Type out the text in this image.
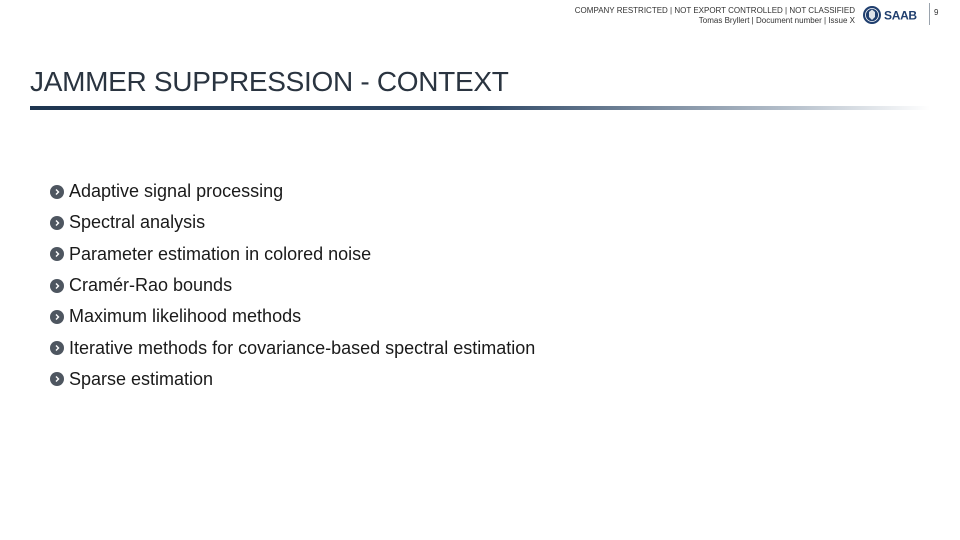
COMPANY RESTRICTED | NOT EXPORT CONTROLLED | NOT CLASSIFIED
Tomas Bryllert | Document number | Issue X SAAB 9
JAMMER SUPPRESSION - CONTEXT
Adaptive signal processing
Spectral analysis
Parameter estimation in colored noise
Cramér-Rao bounds
Maximum likelihood methods
Iterative methods for covariance-based spectral estimation
Sparse estimation
